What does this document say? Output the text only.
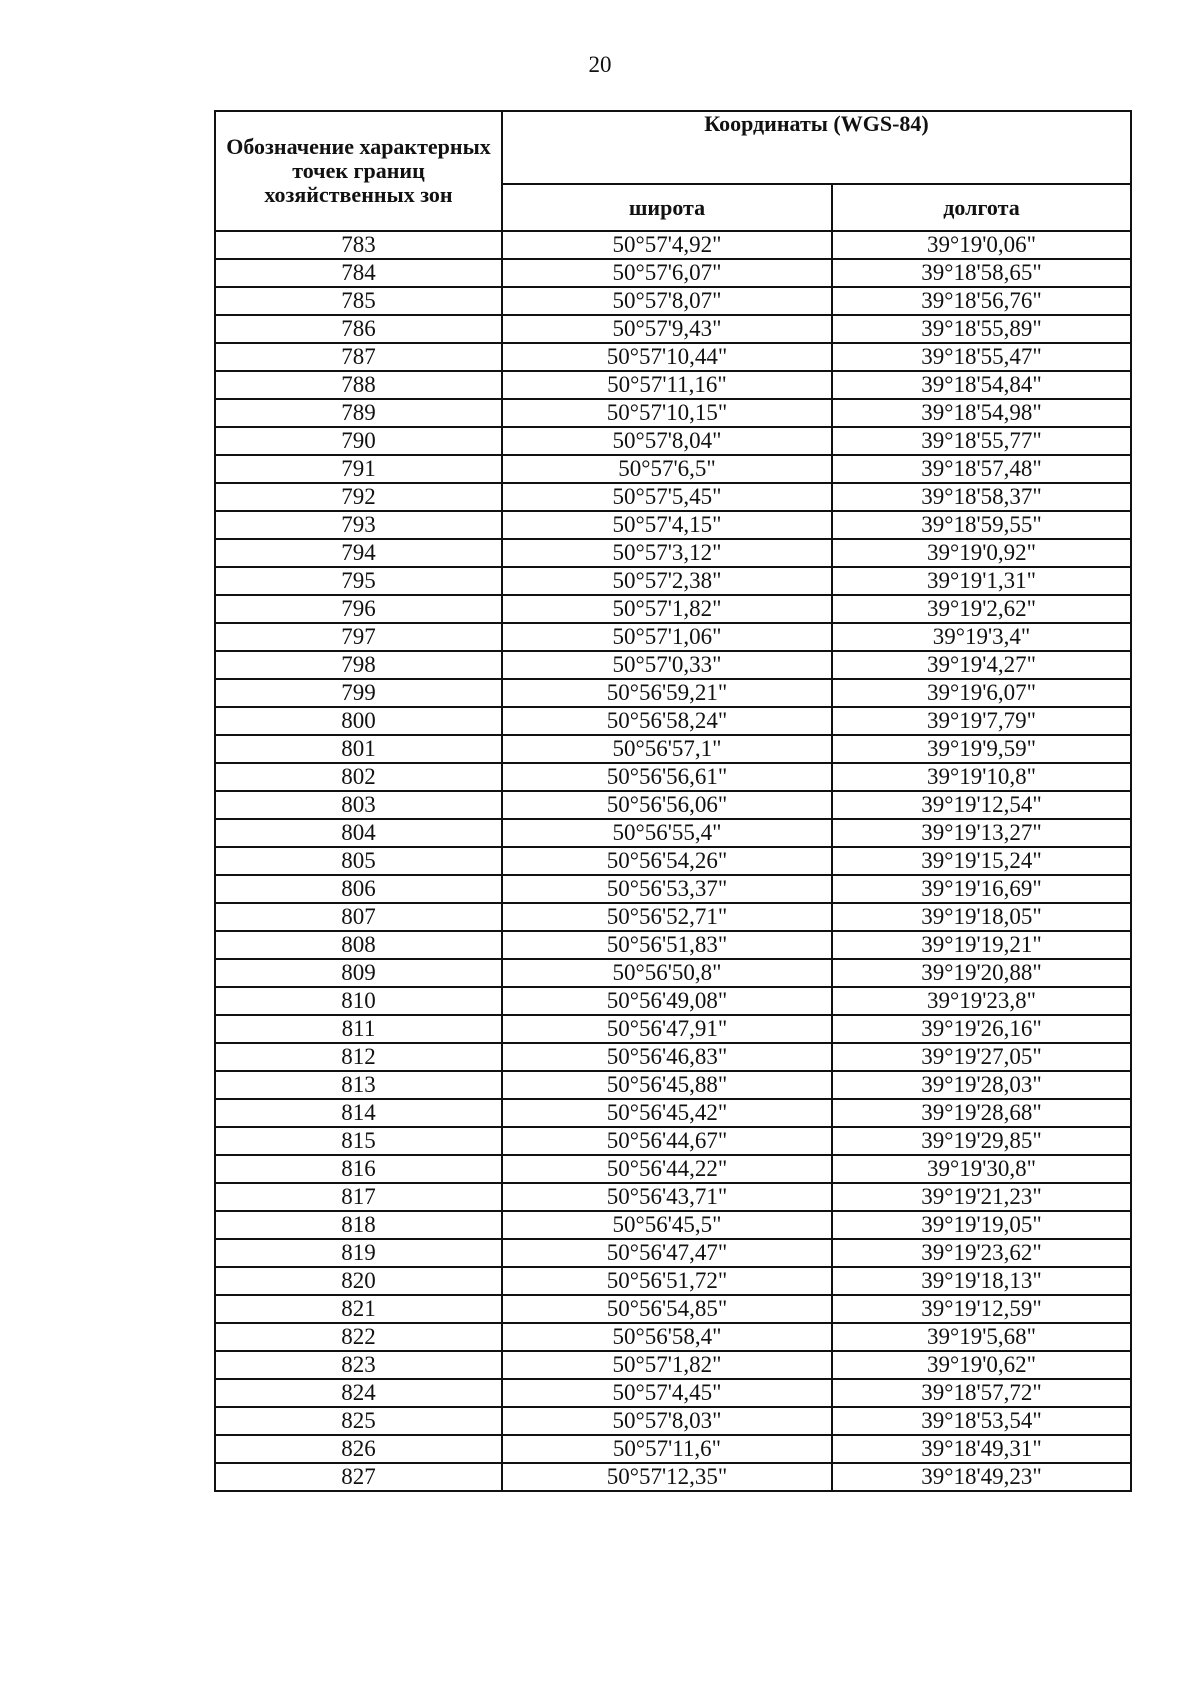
20
Обозначение характерных точек границ хозяйственных зон	Координаты (WGS-84)	
	широта	долгота
783	50°57'4,92"	39°19'0,06"
784	50°57'6,07"	39°18'58,65"
785	50°57'8,07"	39°18'56,76"
786	50°57'9,43"	39°18'55,89"
787	50°57'10,44"	39°18'55,47"
788	50°57'11,16"	39°18'54,84"
789	50°57'10,15"	39°18'54,98"
790	50°57'8,04"	39°18'55,77"
791	50°57'6,5"	39°18'57,48"
792	50°57'5,45"	39°18'58,37"
793	50°57'4,15"	39°18'59,55"
794	50°57'3,12"	39°19'0,92"
795	50°57'2,38"	39°19'1,31"
796	50°57'1,82"	39°19'2,62"
797	50°57'1,06"	39°19'3,4"
798	50°57'0,33"	39°19'4,27"
799	50°56'59,21"	39°19'6,07"
800	50°56'58,24"	39°19'7,79"
801	50°56'57,1"	39°19'9,59"
802	50°56'56,61"	39°19'10,8"
803	50°56'56,06"	39°19'12,54"
804	50°56'55,4"	39°19'13,27"
805	50°56'54,26"	39°19'15,24"
806	50°56'53,37"	39°19'16,69"
807	50°56'52,71"	39°19'18,05"
808	50°56'51,83"	39°19'19,21"
809	50°56'50,8"	39°19'20,88"
810	50°56'49,08"	39°19'23,8"
811	50°56'47,91"	39°19'26,16"
812	50°56'46,83"	39°19'27,05"
813	50°56'45,88"	39°19'28,03"
814	50°56'45,42"	39°19'28,68"
815	50°56'44,67"	39°19'29,85"
816	50°56'44,22"	39°19'30,8"
817	50°56'43,71"	39°19'21,23"
818	50°56'45,5"	39°19'19,05"
819	50°56'47,47"	39°19'23,62"
820	50°56'51,72"	39°19'18,13"
821	50°56'54,85"	39°19'12,59"
822	50°56'58,4"	39°19'5,68"
823	50°57'1,82"	39°19'0,62"
824	50°57'4,45"	39°18'57,72"
825	50°57'8,03"	39°18'53,54"
826	50°57'11,6"	39°18'49,31"
827	50°57'12,35"	39°18'49,23"
